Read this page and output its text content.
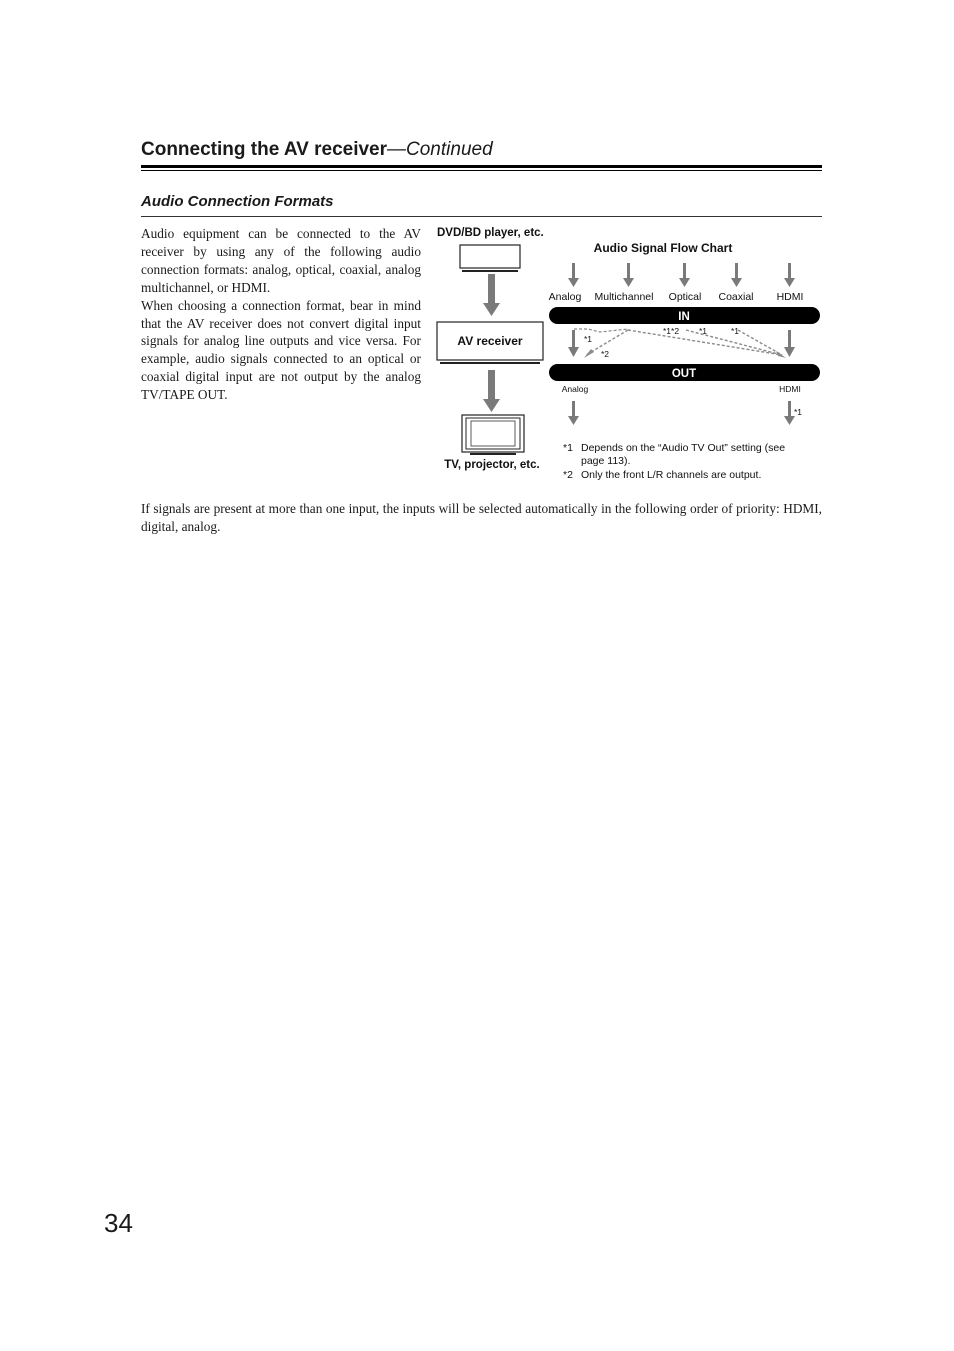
Connecting the AV receiver—Continued
Audio Connection Formats

Audio equipment can be connected to the AV receiver by using any of the following audio connection formats: analog, optical, coaxial, analog multichannel, or HDMI.

When choosing a connection format, bear in mind that the AV receiver does not convert digital input signals for analog line outputs and vice versa. For example, audio signals connected to an optical or coaxial digital input are not output by the analog TV/TAPE OUT.

DVD/BD player, etc.
AV receiver
TV, projector, etc.
Audio Signal Flow Chart
Analog Multichannel Optical Coaxial HDMI
IN
*1
*2
*1*2 *1	*1
OUT
Analog	HDMI
*1
*1 Depends on the “Audio TV Out” setting (see
page 113).
*2 Only the front L/R channels are output.
If signals are present at more than one input, the inputs will be selected automatically in the following order of priority: HDMI, digital, analog.
34
